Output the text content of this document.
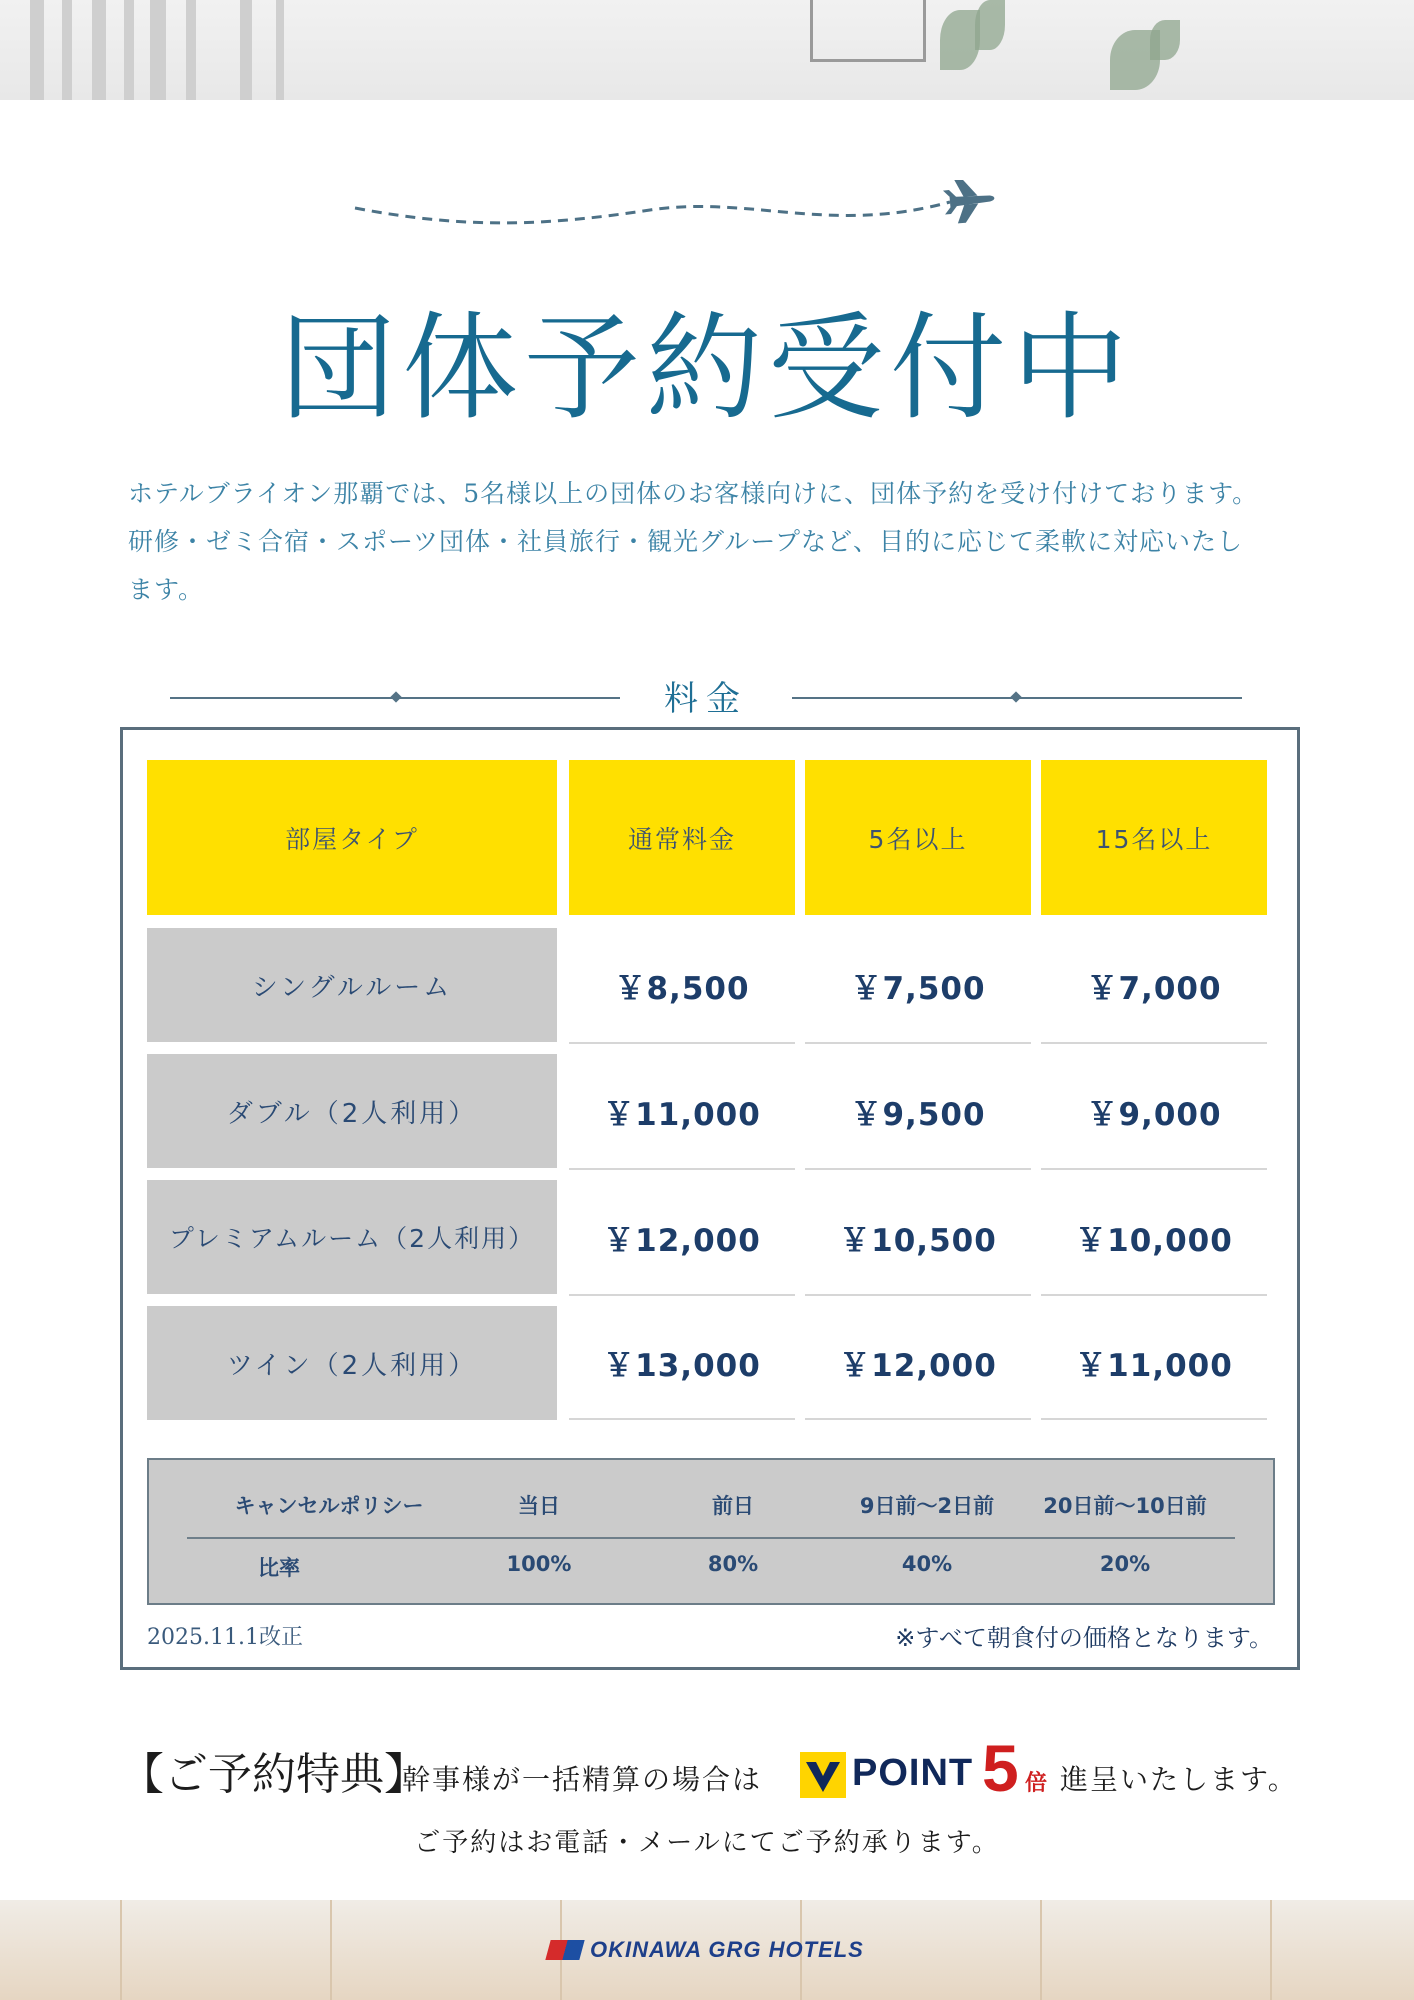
団体予約受付中
ホテルブライオン那覇では、5名様以上の団体のお客様向けに、団体予約を受け付けております。
研修・ゼミ合宿・スポーツ団体・社員旅行・観光グループなど、目的に応じて柔軟に対応いたし
ます。
料金
部屋タイプ	通常料金	5名以上	15名以上
シングルルーム	￥8,500	￥7,500	￥7,000
ダブル（2人利用）	￥11,000	￥9,500	￥9,000
プレミアムルーム（2人利用）	￥12,000	￥10,500	￥10,000
ツイン（2人利用）	￥13,000	￥12,000	￥11,000
キャンセルポリシー	当日	前日	9日前〜2日前	20日前〜10日前
比率	100%	80%	40%	20%
2025.11.1改正	※すべて朝食付の価格となります。
【ご予約特典】
幹事様が一括精算の場合は POINT 5 倍 進呈いたします。
ご予約はお電話・メールにてご予約承ります。
OKINAWA GRG HOTELS
